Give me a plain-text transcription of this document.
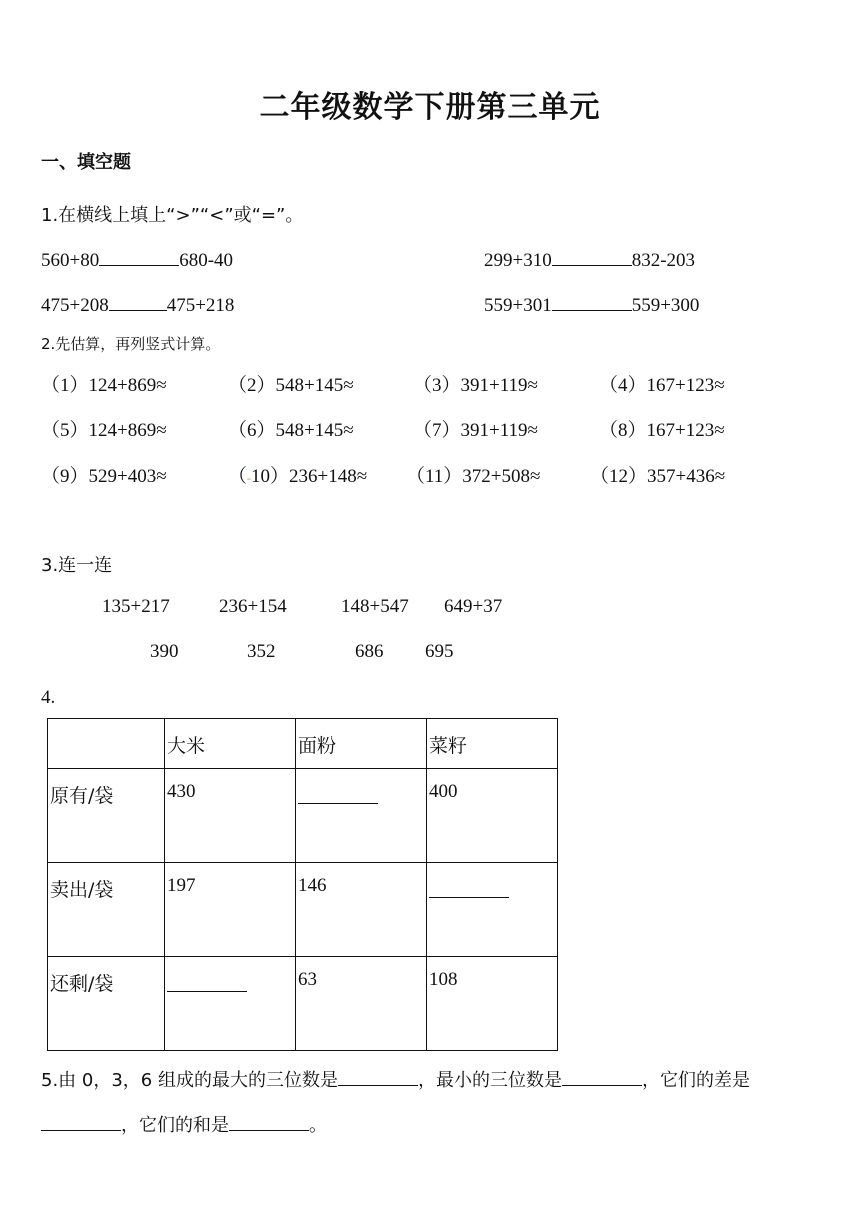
二年级数学下册第三单元
一、填空题
1.在横线上填上“>”“<”或“=”。
560+80	680-40	299+310	832-203
475+208	475+218	559+301	559+300
2.先估算，再列竖式计算。
（1）124+869≈	（2）548+145≈	（3）391+119≈	（4）167+123≈
（5）124+869≈	（6）548+145≈	（7）391+119≈	（8）167+123≈
（9）529+403≈	（-10）236+148≈ （11）372+508≈	（12）357+436≈
3.连一连
135+217	236+154	148+547 649+37
390	352	686 695
4.
	大米	面粉	菜籽
原有/袋	430		400
卖出/袋	197	146	
还剩/袋		63	108
5.由 0，3，6 组成的最大的三位数是	，最小的三位数是	，它们的差是
，它们的和是	。
